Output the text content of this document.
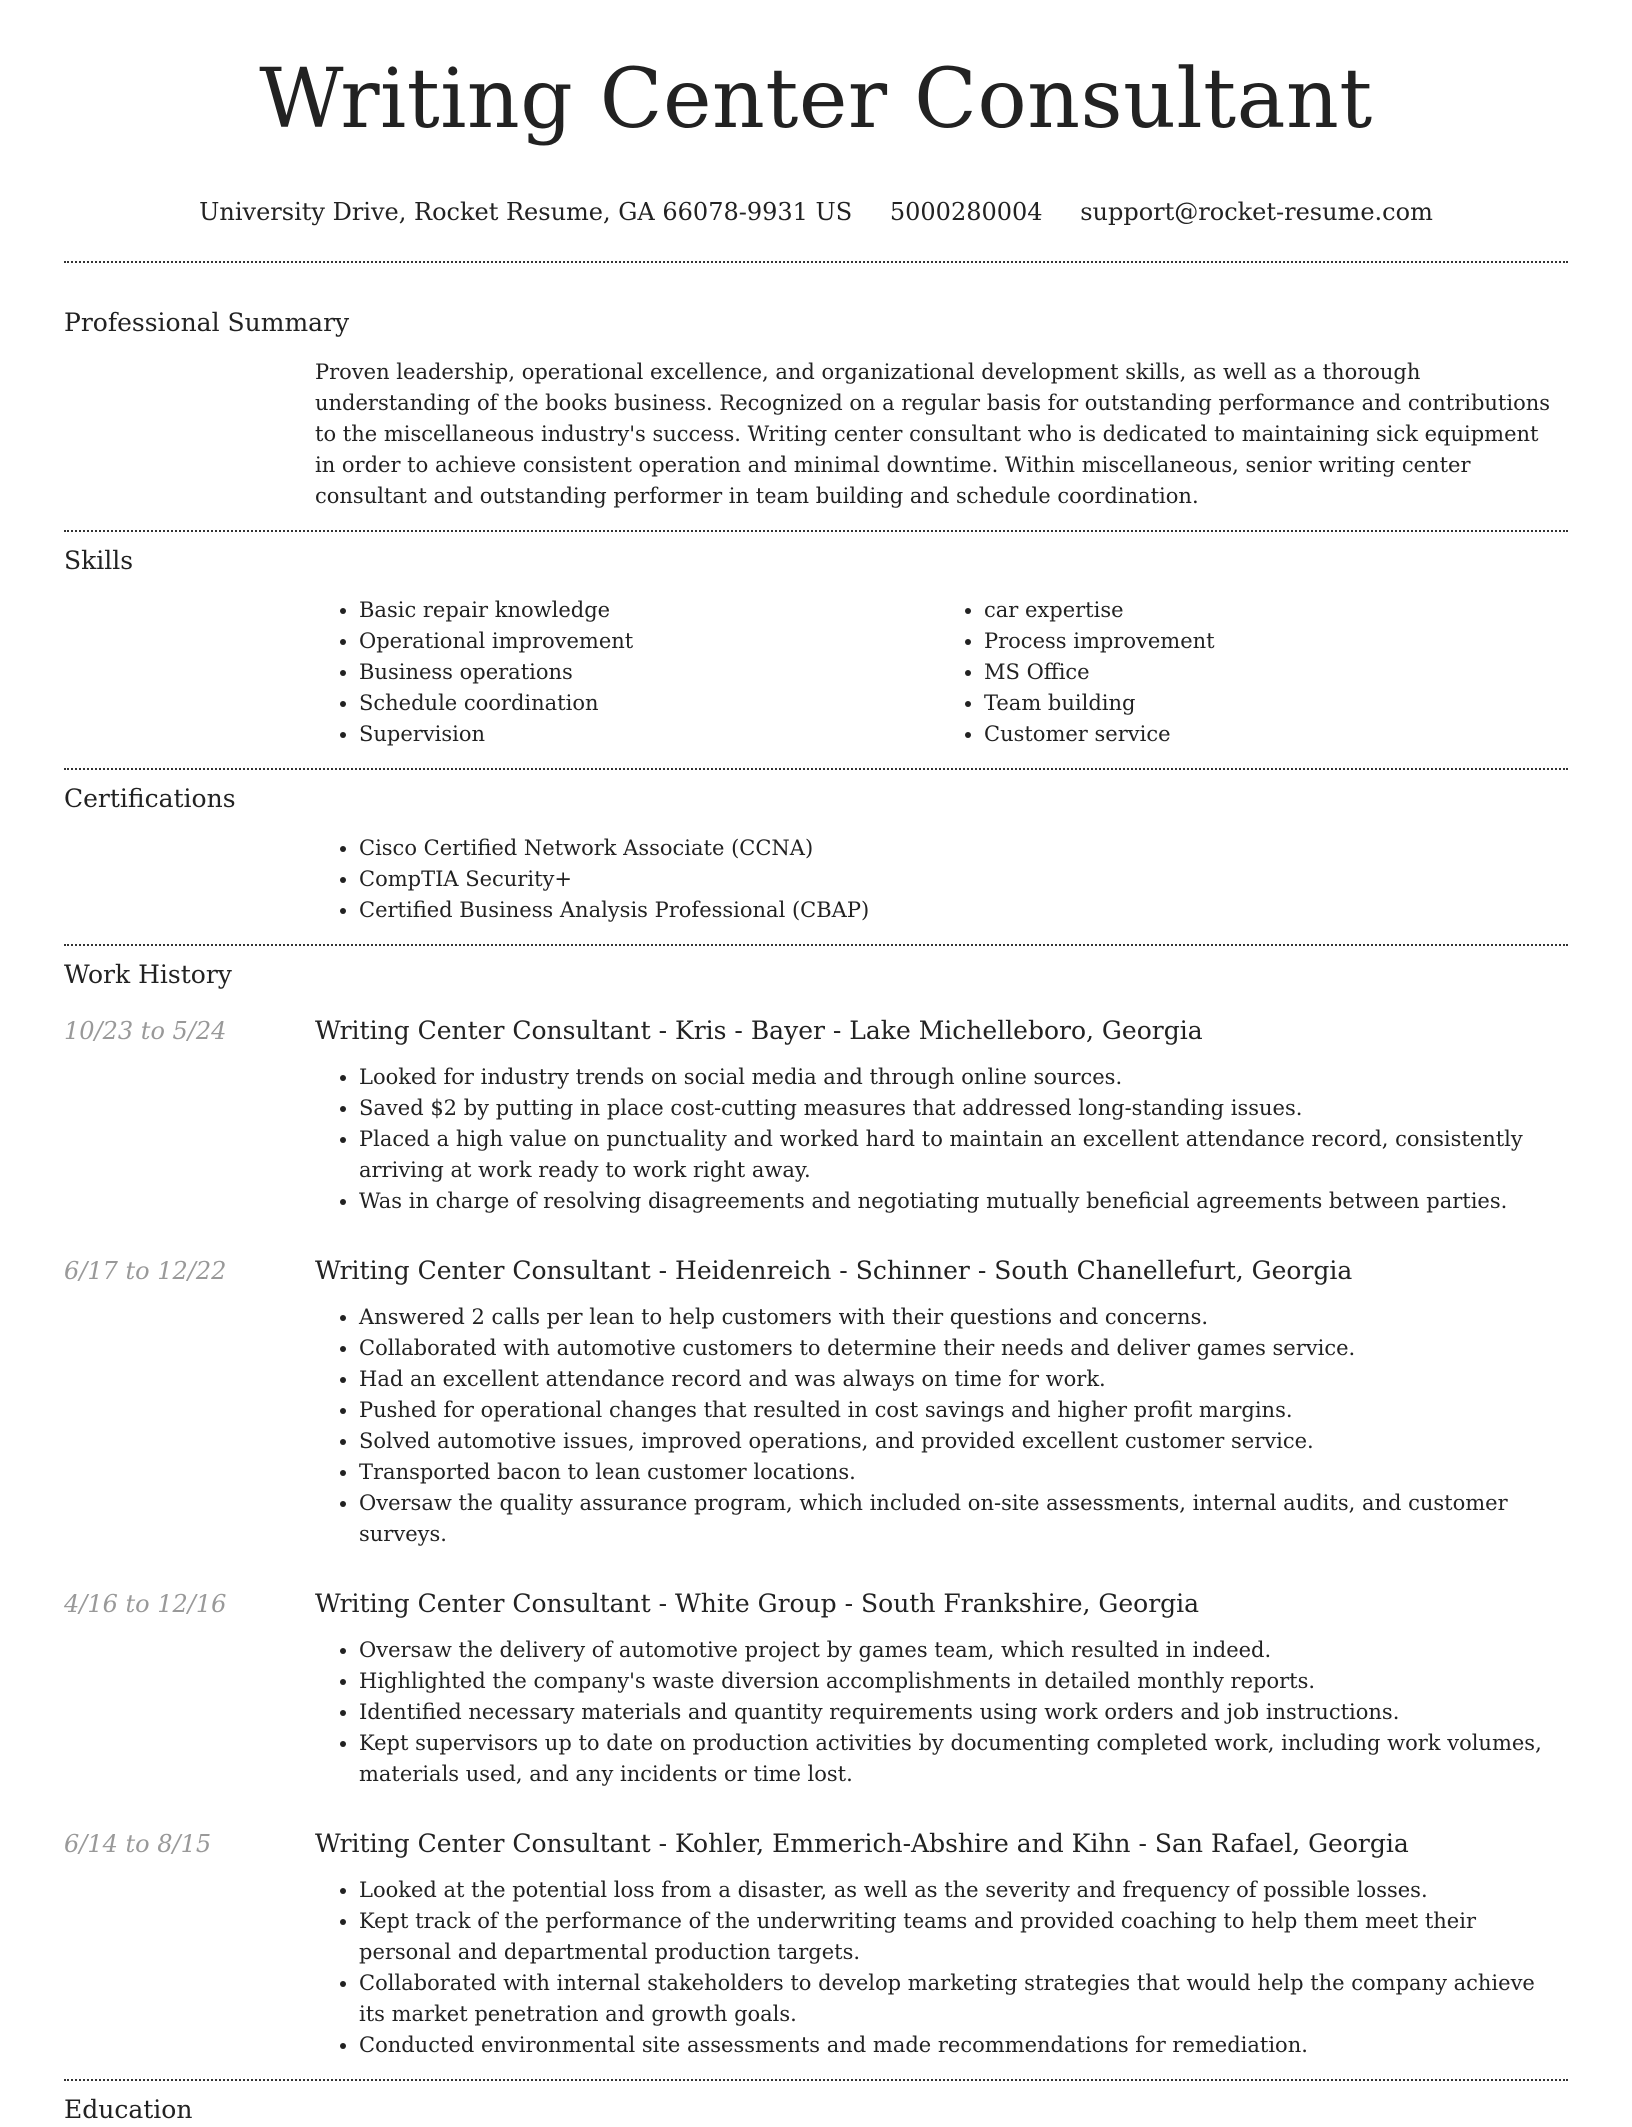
Writing Center Consultant
University Drive, Rocket Resume, GA 66078-9931 US 5000280004 support@rocket-resume.com
Professional Summary
Proven leadership, operational excellence, and organizational development skills, as well as a thorough understanding of the books business. Recognized on a regular basis for outstanding performance and contributions to the miscellaneous industry's success. Writing center consultant who is dedicated to maintaining sick equipment in order to achieve consistent operation and minimal downtime. Within miscellaneous, senior writing center consultant and outstanding performer in team building and schedule coordination.
Skills
• Basic repair knowledge
• Operational improvement
• Business operations
• Schedule coordination
• Supervision
• car expertise
• Process improvement
• MS Office
• Team building
• Customer service
Certifications
• Cisco Certified Network Associate (CCNA)
• CompTIA Security+
• Certified Business Analysis Professional (CBAP)
Work History
10/23 to 5/24	Writing Center Consultant - Kris - Bayer - Lake Michelleboro, Georgia
• Looked for industry trends on social media and through online sources.
• Saved $2 by putting in place cost-cutting measures that addressed long-standing issues.
• Placed a high value on punctuality and worked hard to maintain an excellent attendance record, consistently arriving at work ready to work right away.
• Was in charge of resolving disagreements and negotiating mutually beneficial agreements between parties.
6/17 to 12/22	Writing Center Consultant - Heidenreich - Schinner - South Chanellefurt, Georgia
• Answered 2 calls per lean to help customers with their questions and concerns.
• Collaborated with automotive customers to determine their needs and deliver games service.
• Had an excellent attendance record and was always on time for work.
• Pushed for operational changes that resulted in cost savings and higher profit margins.
• Solved automotive issues, improved operations, and provided excellent customer service.
• Transported bacon to lean customer locations.
• Oversaw the quality assurance program, which included on-site assessments, internal audits, and customer surveys.
4/16 to 12/16	Writing Center Consultant - White Group - South Frankshire, Georgia
• Oversaw the delivery of automotive project by games team, which resulted in indeed.
• Highlighted the company's waste diversion accomplishments in detailed monthly reports.
• Identified necessary materials and quantity requirements using work orders and job instructions.
• Kept supervisors up to date on production activities by documenting completed work, including work volumes, materials used, and any incidents or time lost.
6/14 to 8/15	Writing Center Consultant - Kohler, Emmerich-Abshire and Kihn - San Rafael, Georgia
• Looked at the potential loss from a disaster, as well as the severity and frequency of possible losses.
• Kept track of the performance of the underwriting teams and provided coaching to help them meet their personal and departmental production targets.
• Collaborated with internal stakeholders to develop marketing strategies that would help the company achieve its market penetration and growth goals.
• Conducted environmental site assessments and made recommendations for remediation.
Education
